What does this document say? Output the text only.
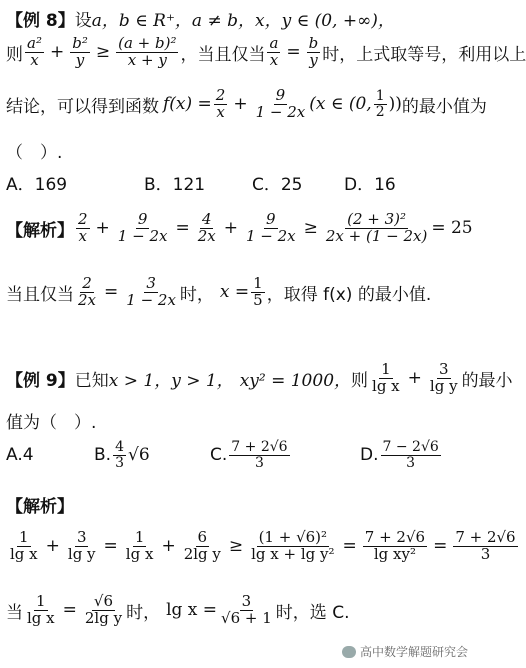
【例 8】 设 a，b ∈ R⁺，a ≠ b，x，y ∈ (0, +∞)，
则 $\frac{\text{a²}}{x} + \frac{\text{b²}}{y} \ge \frac{\text{(a + b)²}}{x + y}$ ，当且仅当 $\frac{a}{x} = \frac{b}{y}$ 时，上式取等号，利用以上
结论，可以得到函数 $f(x) = \frac{2}{x} + \frac{9}{1 - 2x} (x$ ∈ (0, $\frac{1}{2}$ )) 的最小值为
（　）.
A．169	B．121	C．25	D．16
【解析】 $\frac{2}{x} + \frac{9}{1 - 2x} = \frac{4}{2x} + \frac{9}{1 - 2x} \ge \frac{\text{(2 + 3)²}}{2x + (1 - 2x)} = 25$
当且仅当 $\frac{2}{2x} = \frac{3}{1 - 2x}$ 时， $x = \frac{1}{5}$ ，取得 f(x) 的最小值.
【例 9】 已知 x > 1，y > 1， xy² = 1000， 则 $\frac{1}{\text{lg x}} + \frac{3}{\text{lg y}}$ 的最小
值为（　）.
A.4	B. $\frac{4}{3} √6$	C. $\frac{7 + 2√6}{3}$	D. $\frac{7 - 2√6}{3}$
【解析】
$\frac{1}{\text{lg x}} + \frac{3}{\text{lg y}} = \frac{1}{\text{lg x}} + \frac{6}{\text{2lg y}} \ge \frac{\text{(1 + √6)²}}{\text{lg x + lg y²}} = \frac{7 + 2√6}{\text{lg xy²}} = \frac{7 + 2√6}{3}$
当 $\frac{1}{\text{lg x}} = \frac{√6}{\text{2lg y}}$ 时， $\lg x = \frac{3}{√6 + 1}$ 时，选 C.
高中数学解题研究会
